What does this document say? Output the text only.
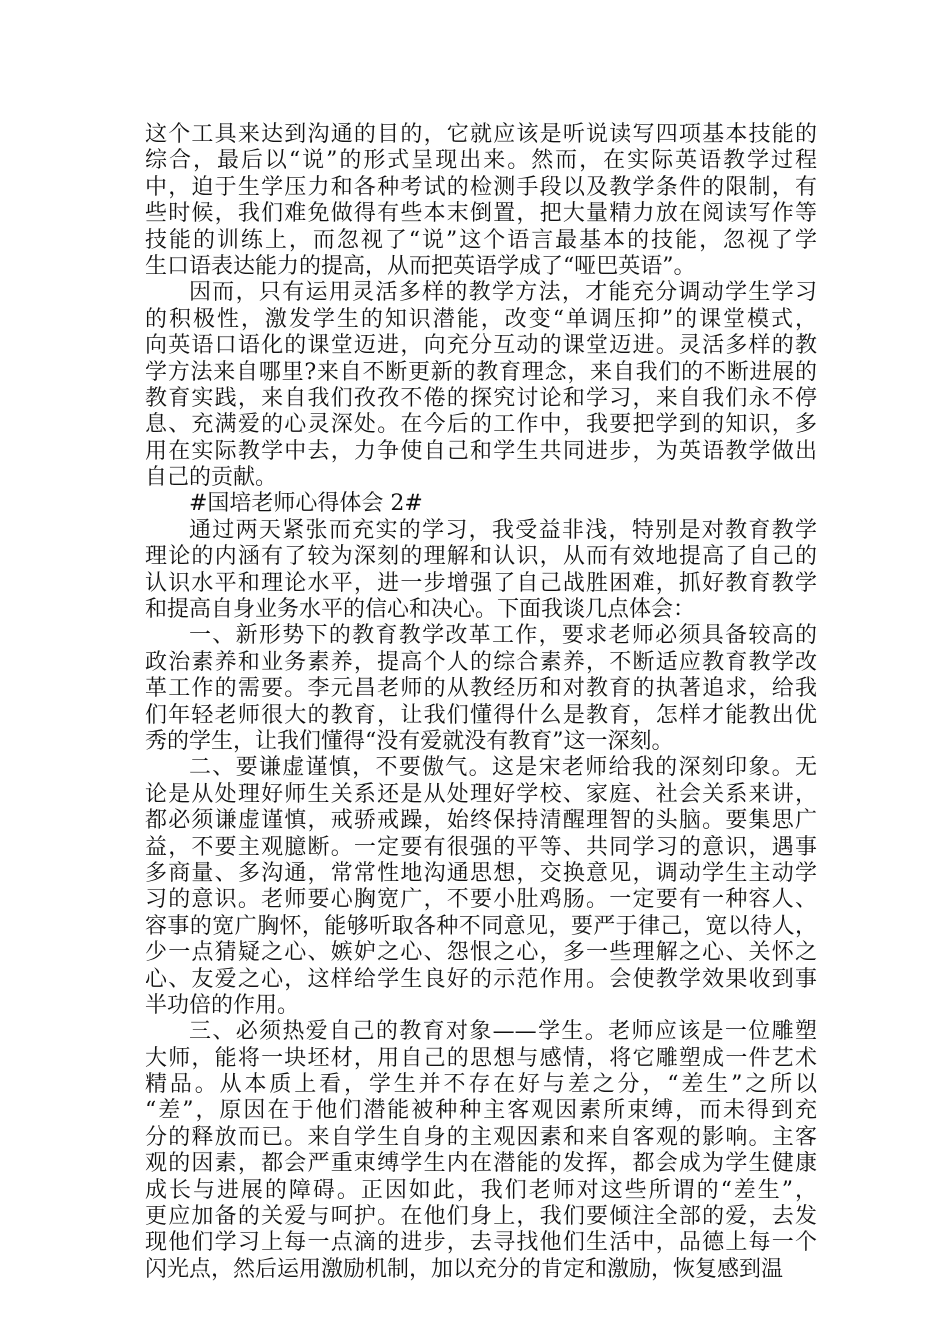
这个工具来达到沟通的目的，它就应该是听说读写四项基本技能的
综合，最后以“说”的形式呈现出来。然而，在实际英语教学过程
中，迫于生学压力和各种考试的检测手段以及教学条件的限制，有
些时候，我们难免做得有些本末倒置，把大量精力放在阅读写作等
技能的训练上，而忽视了“说”这个语言最基本的技能，忽视了学
生口语表达能力的提高，从而把英语学成了“哑巴英语”。
因而，只有运用灵活多样的教学方法，才能充分调动学生学习
的积极性，激发学生的知识潜能，改变“单调压抑”的课堂模式，
向英语口语化的课堂迈进，向充分互动的课堂迈进。灵活多样的教
学方法来自哪里?来自不断更新的教育理念，来自我们的不断进展的
教育实践，来自我们孜孜不倦的探究讨论和学习，来自我们永不停
息、充满爱的心灵深处。在今后的工作中，我要把学到的知识，多
用在实际教学中去，力争使自己和学生共同进步，为英语教学做出
自己的贡献。
#国培老师心得体会 2#
通过两天紧张而充实的学习，我受益非浅，特别是对教育教学
理论的内涵有了较为深刻的理解和认识，从而有效地提高了自己的
认识水平和理论水平，进一步增强了自己战胜困难，抓好教育教学
和提高自身业务水平的信心和决心。下面我谈几点体会：
一、新形势下的教育教学改革工作，要求老师必须具备较高的
政治素养和业务素养，提高个人的综合素养，不断适应教育教学改
革工作的需要。李元昌老师的从教经历和对教育的执著追求，给我
们年轻老师很大的教育，让我们懂得什么是教育，怎样才能教出优
秀的学生，让我们懂得“没有爱就没有教育”这一深刻。
二、要谦虚谨慎，不要傲气。这是宋老师给我的深刻印象。无
论是从处理好师生关系还是从处理好学校、家庭、社会关系来讲，
都必须谦虚谨慎，戒骄戒躁，始终保持清醒理智的头脑。要集思广
益，不要主观臆断。一定要有很强的平等、共同学习的意识，遇事
多商量、多沟通，常常性地沟通思想，交换意见，调动学生主动学
习的意识。老师要心胸宽广，不要小肚鸡肠。一定要有一种容人、
容事的宽广胸怀，能够听取各种不同意见，要严于律己，宽以待人，
少一点猜疑之心、嫉妒之心、怨恨之心，多一些理解之心、关怀之
心、友爱之心，这样给学生良好的示范作用。会使教学效果收到事
半功倍的作用。
三、必须热爱自己的教育对象——学生。老师应该是一位雕塑
大师，能将一块坯材，用自己的思想与感情，将它雕塑成一件艺术
精品。从本质上看，学生并不存在好与差之分，“差生”之所以
“差”，原因在于他们潜能被种种主客观因素所束缚，而未得到充
分的释放而已。来自学生自身的主观因素和来自客观的影响。主客
观的因素，都会严重束缚学生内在潜能的发挥，都会成为学生健康
成长与进展的障碍。正因如此，我们老师对这些所谓的“差生”，
更应加备的关爱与呵护。在他们身上，我们要倾注全部的爱，去发
现他们学习上每一点滴的进步，去寻找他们生活中，品德上每一个
闪光点，然后运用激励机制，加以充分的肯定和激励，恢复感到温
